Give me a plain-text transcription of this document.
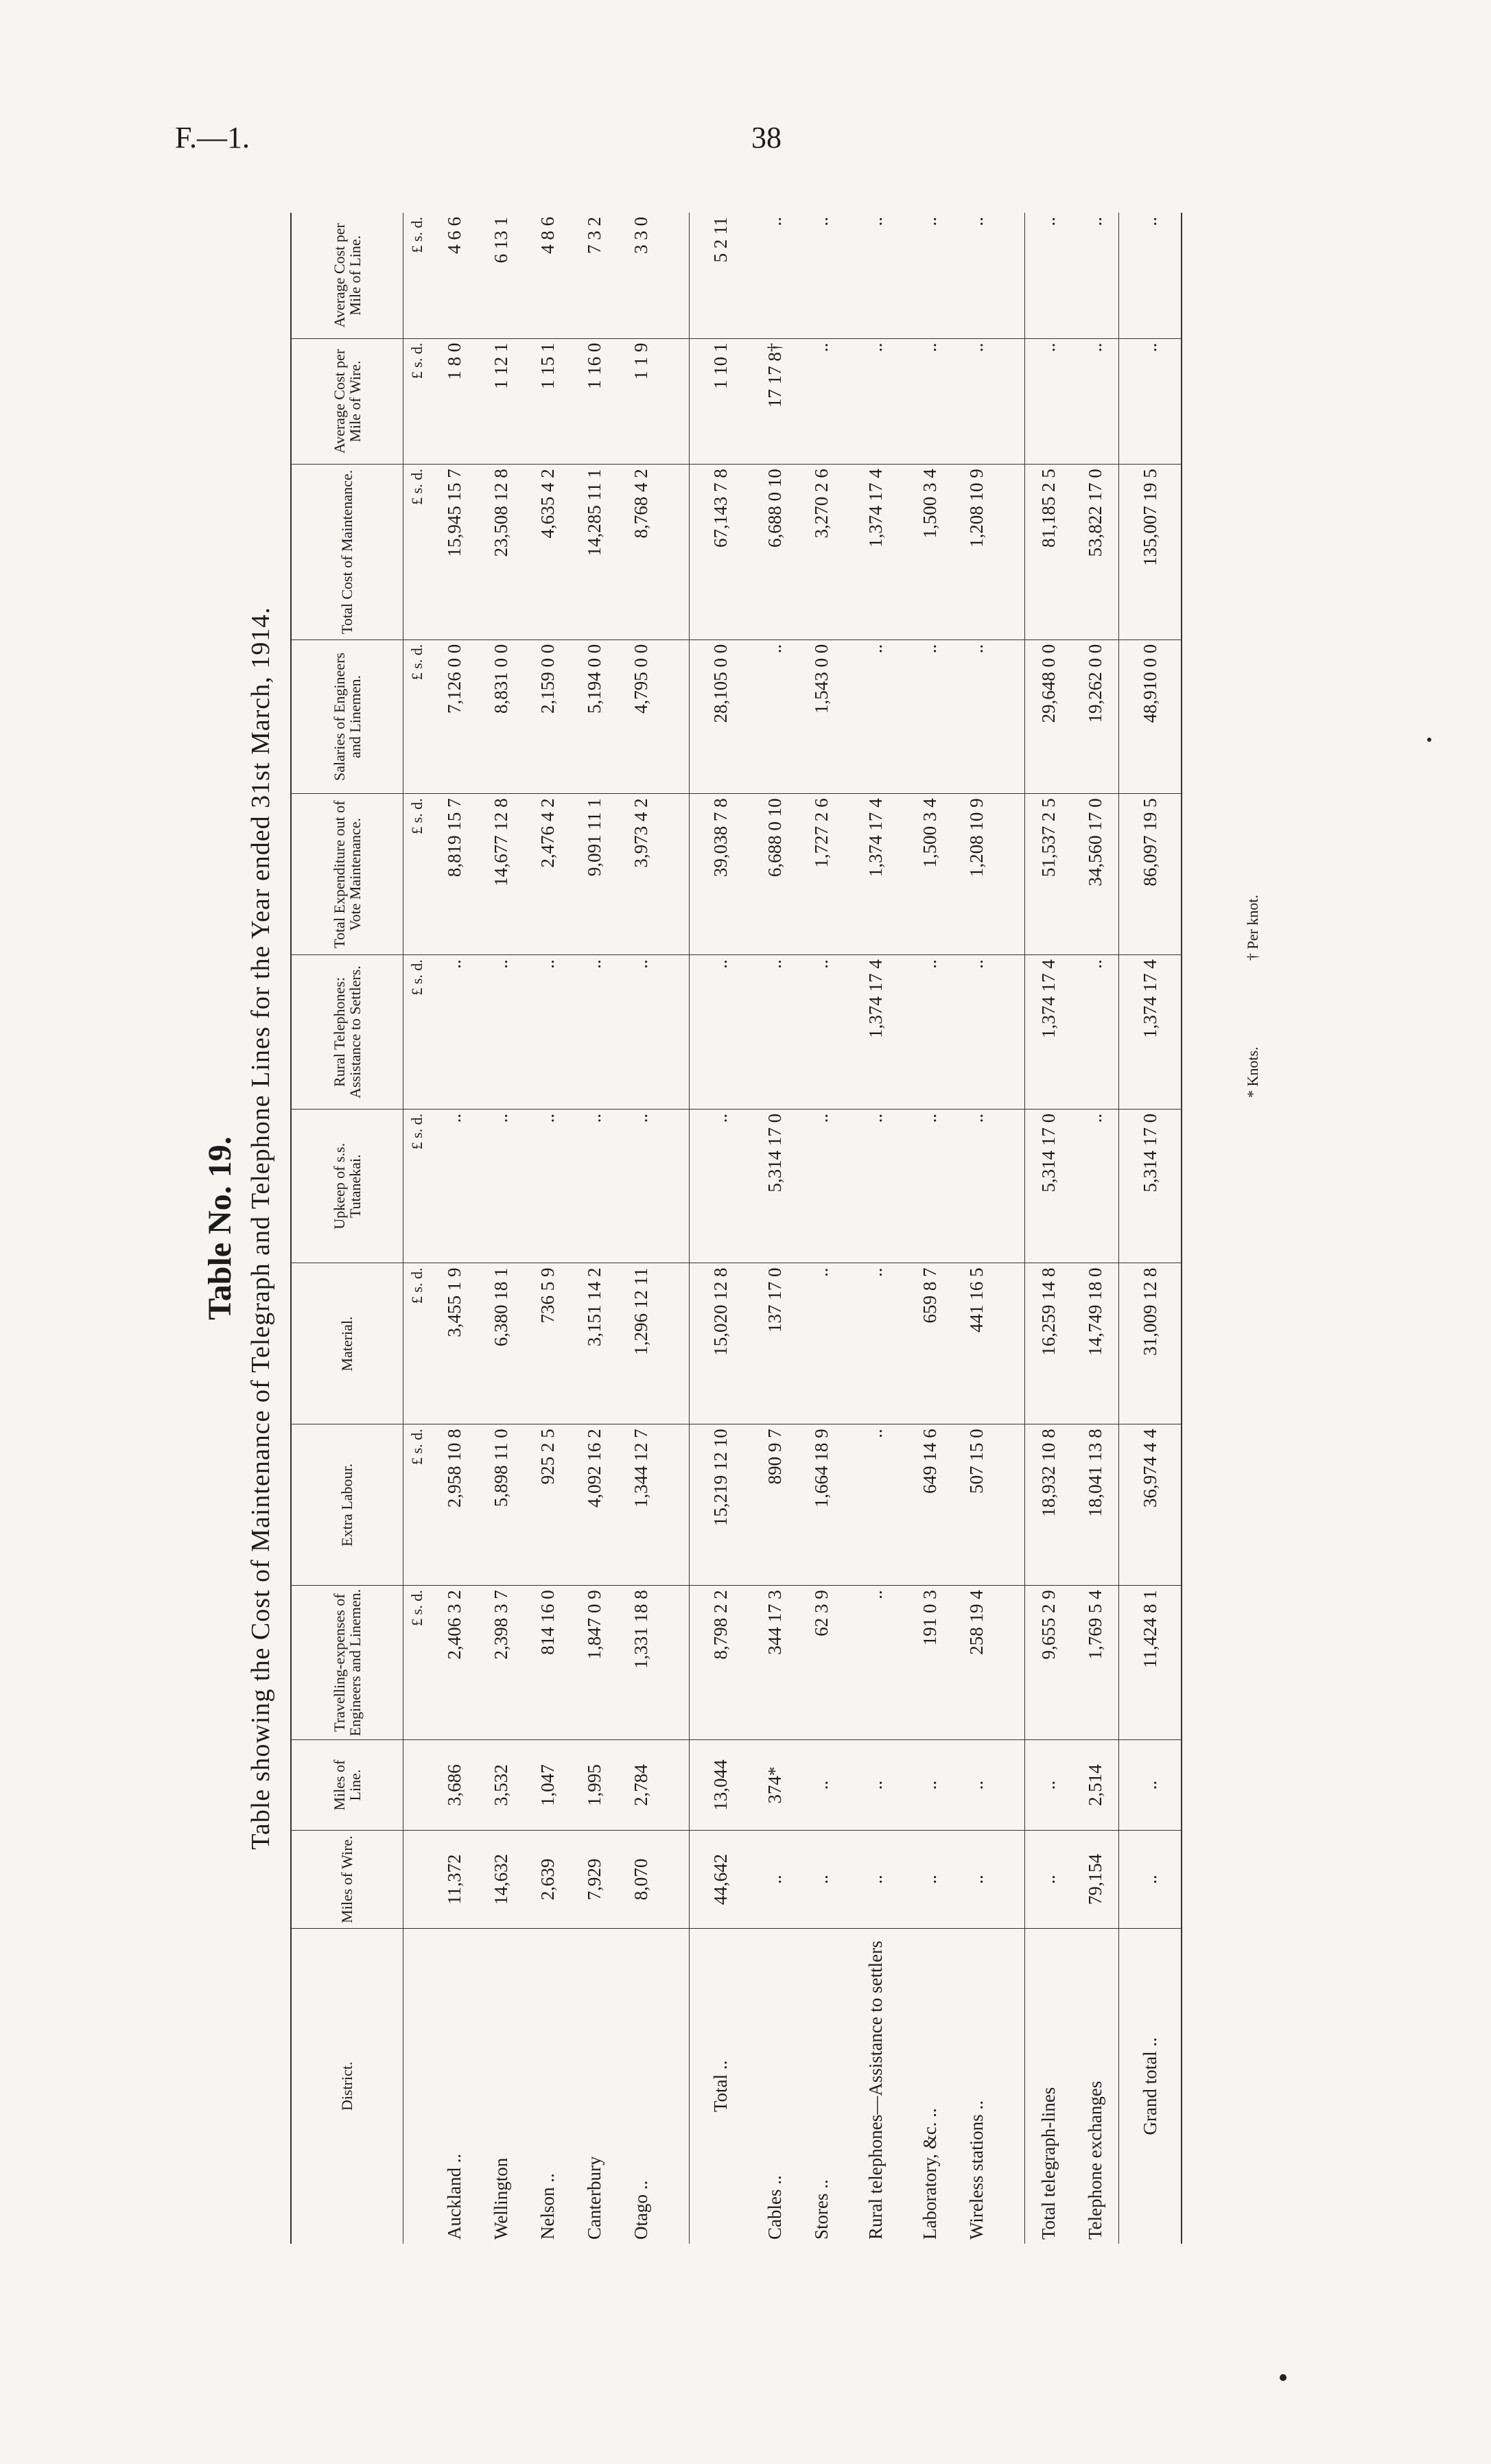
F.—1.	38
Table No. 19. Table showing the Cost of Maintenance of Telegraph and Telephone Lines for the Year ended 31st March, 1914.
District.	Miles of Wire.	Miles of Line.	Travelling-expenses of Engineers and Linemen.	Extra Labour.	Material.	Upkeep of s.s. Tutanekai.	Rural Telephones: Assistance to Settlers.	Total Expenditure out of Vote Maintenance.	Salaries of Engineers and Linemen.	Total Cost of Maintenance.	Average Cost per Mile of Wire.	Average Cost per Mile of Line.
			£ s. d.	£ s. d.	£ s. d.	£ s. d.	£ s. d.	£ s. d.	£ s. d.	£ s. d.	£ s. d.	£ s. d.
Auckland ..	11,372	3,686	2,406 3 2	2,958 10 8	3,455 1 9	..	..	8,819 15 7	7,126 0 0	15,945 15 7	1 8 0	4 6 6
Wellington	14,632	3,532	2,398 3 7	5,898 11 0	6,380 18 1	..	..	14,677 12 8	8,831 0 0	23,508 12 8	1 12 1	6 13 1
Nelson ..	2,639	1,047	814 16 0	925 2 5	736 5 9	..	..	2,476 4 2	2,159 0 0	4,635 4 2	1 15 1	4 8 6
Canterbury	7,929	1,995	1,847 0 9	4,092 16 2	3,151 14 2	..	..	9,091 11 1	5,194 0 0	14,285 11 1	1 16 0	7 3 2
Otago ..	8,070	2,784	1,331 18 8	1,344 12 7	1,296 12 11	..	..	3,973 4 2	4,795 0 0	8,768 4 2	1 1 9	3 3 0

Total ..	44,642	13,044	8,798 2 2	15,219 12 10	15,020 12 8	..	..	39,038 7 8	28,105 0 0	67,143 7 8	1 10 1	5 2 11
Cables ..	..	374*	344 17 3	890 9 7	137 17 0	5,314 17 0	..	6,688 0 10	..	6,688 0 10	17 17 8†	..
Stores ..	..	..	62 3 9	1,664 18 9	..	..	..	1,727 2 6	1,543 0 0	3,270 2 6	..	..
Rural telephones—Assistance to settlers	..	..	..	..	..	..	1,374 17 4	1,374 17 4	..	1,374 17 4	..	..
Laboratory, &c. ..	..	..	191 0 3	649 14 6	659 8 7	..	..	1,500 3 4	..	1,500 3 4	..	..
Wireless stations ..	..	..	258 19 4	507 15 0	441 16 5	..	..	1,208 10 9	..	1,208 10 9	..	..

Total telegraph-lines	..	..	9,655 2 9	18,932 10 8	16,259 14 8	5,314 17 0	1,374 17 4	51,537 2 5	29,648 0 0	81,185 2 5	..	..
Telephone exchanges	79,154	2,514	1,769 5 4	18,041 13 8	14,749 18 0	..	..	34,560 17 0	19,262 0 0	53,822 17 0	..	..
Grand total ..	..	..	11,424 8 1	36,974 4 4	31,009 12 8	5,314 17 0	1,374 17 4	86,097 19 5	48,910 0 0	135,007 19 5	..	..
* Knots.
† Per knot.
